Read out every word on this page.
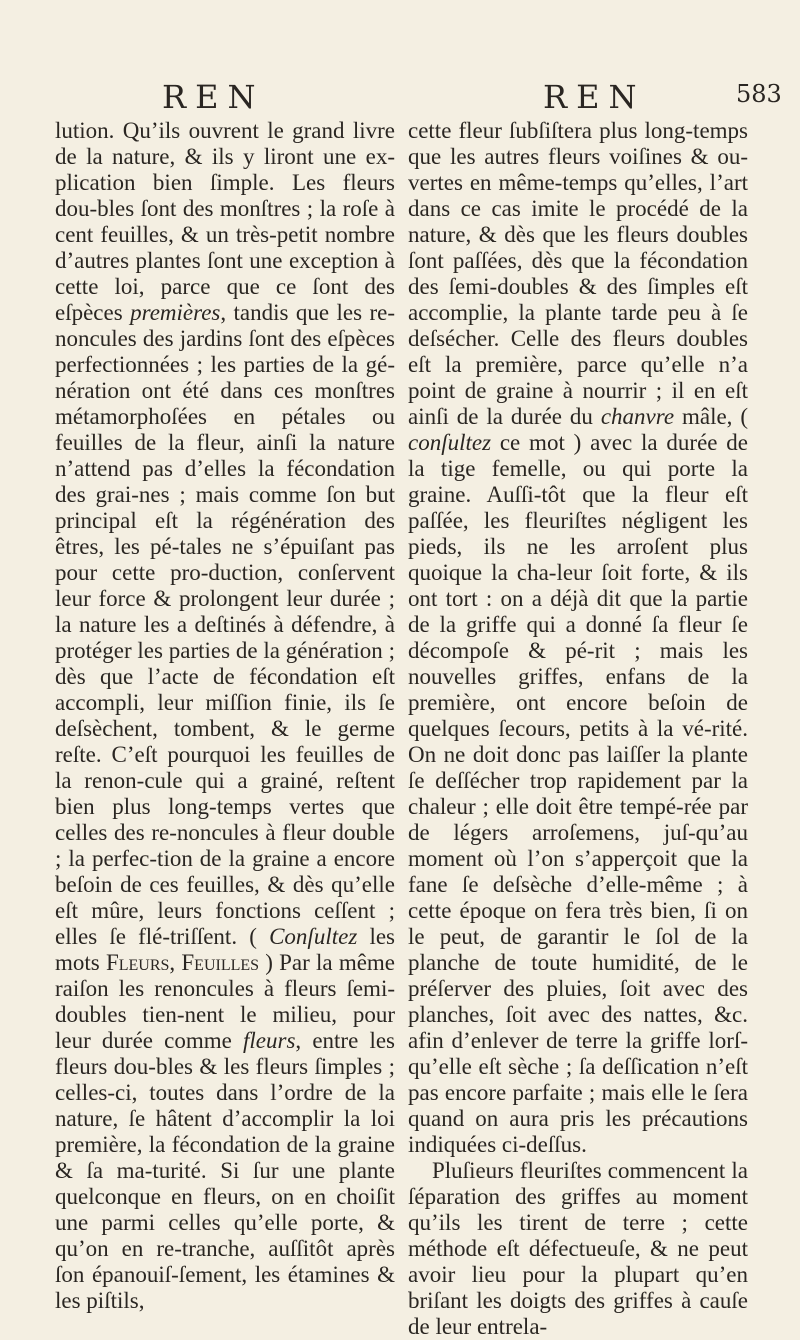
REN	REN	583

lution. Qu’ils ouvrent le grand livre de la nature, & ils y liront une ex-plication bien ſimple. Les fleurs dou-bles ſont des monſtres ; la roſe à cent feuilles, & un très-petit nombre d’autres plantes ſont une exception à cette loi, parce que ce ſont des eſpèces premières, tandis que les re-noncules des jardins ſont des eſpèces perfectionnées ; les parties de la gé-nération ont été dans ces monſtres métamorphoſées en pétales ou feuilles de la fleur, ainſi la nature n’attend pas d’elles la fécondation des grai-nes ; mais comme ſon but principal eſt la régénération des êtres, les pé-tales ne s’épuiſant pas pour cette pro-duction, conſervent leur force & prolongent leur durée ; la nature les a deſtinés à défendre, à protéger les parties de la génération ; dès que l’acte de fécondation eſt accompli, leur miſſion finie, ils ſe deſsèchent, tombent, & le germe reſte. C’eſt pourquoi les feuilles de la renon-cule qui a grainé, reſtent bien plus long-temps vertes que celles des re-noncules à fleur double ; la perfec-tion de la graine a encore beſoin de ces feuilles, & dès qu’elle eſt mûre, leurs fonctions ceſſent ; elles ſe flé-triſſent. ( Conſultez les mots Fleurs, Feuilles ) Par la même raiſon les renoncules à fleurs ſemi-doubles tien-nent le milieu, pour leur durée comme fleurs, entre les fleurs dou-bles & les fleurs ſimples ; celles-ci, toutes dans l’ordre de la nature, ſe hâtent d’accomplir la loi première, la fécondation de la graine & ſa ma-turité. Si ſur une plante quelconque en fleurs, on en choiſit une parmi celles qu’elle porte, & qu’on en re-tranche, auſſitôt après ſon épanouiſ-ſement, les étamines & les piſtils,

cette fleur ſubſiſtera plus long-temps que les autres fleurs voiſines & ou-vertes en même-temps qu’elles, l’art dans ce cas imite le procédé de la nature, & dès que les fleurs doubles ſont paſſées, dès que la fécondation des ſemi-doubles & des ſimples eſt accomplie, la plante tarde peu à ſe deſsécher. Celle des fleurs doubles eſt la première, parce qu’elle n’a point de graine à nourrir ; il en eſt ainſi de la durée du chanvre mâle, ( conſultez ce mot ) avec la durée de la tige femelle, ou qui porte la graine. Auſſi-tôt que la fleur eſt paſſée, les fleuriſtes négligent les pieds, ils ne les arroſent plus quoique la cha-leur ſoit forte, & ils ont tort : on a déjà dit que la partie de la griffe qui a donné ſa fleur ſe décompoſe & pé-rit ; mais les nouvelles griffes, enfans de la première, ont encore beſoin de quelques ſecours, petits à la vé-rité. On ne doit donc pas laiſſer la plante ſe deſſécher trop rapidement par la chaleur ; elle doit être tempé-rée par de légers arroſemens, juſ-qu’au moment où l’on s’apperçoit que la fane ſe deſsèche d’elle-même ; à cette époque on fera très bien, ſi on le peut, de garantir le ſol de la planche de toute humidité, de le préſerver des pluies, ſoit avec des planches, ſoit avec des nattes, &c. afin d’enlever de terre la griffe lorſ-qu’elle eſt sèche ; ſa deſſication n’eſt pas encore parfaite ; mais elle le ſera quand on aura pris les précautions indiquées ci-deſſus.

Pluſieurs fleuriſtes commencent la ſéparation des griffes au moment qu’ils les tirent de terre ; cette méthode eſt défectueuſe, & ne peut avoir lieu pour la plupart qu’en briſant les doigts des griffes à cauſe de leur entrela-
